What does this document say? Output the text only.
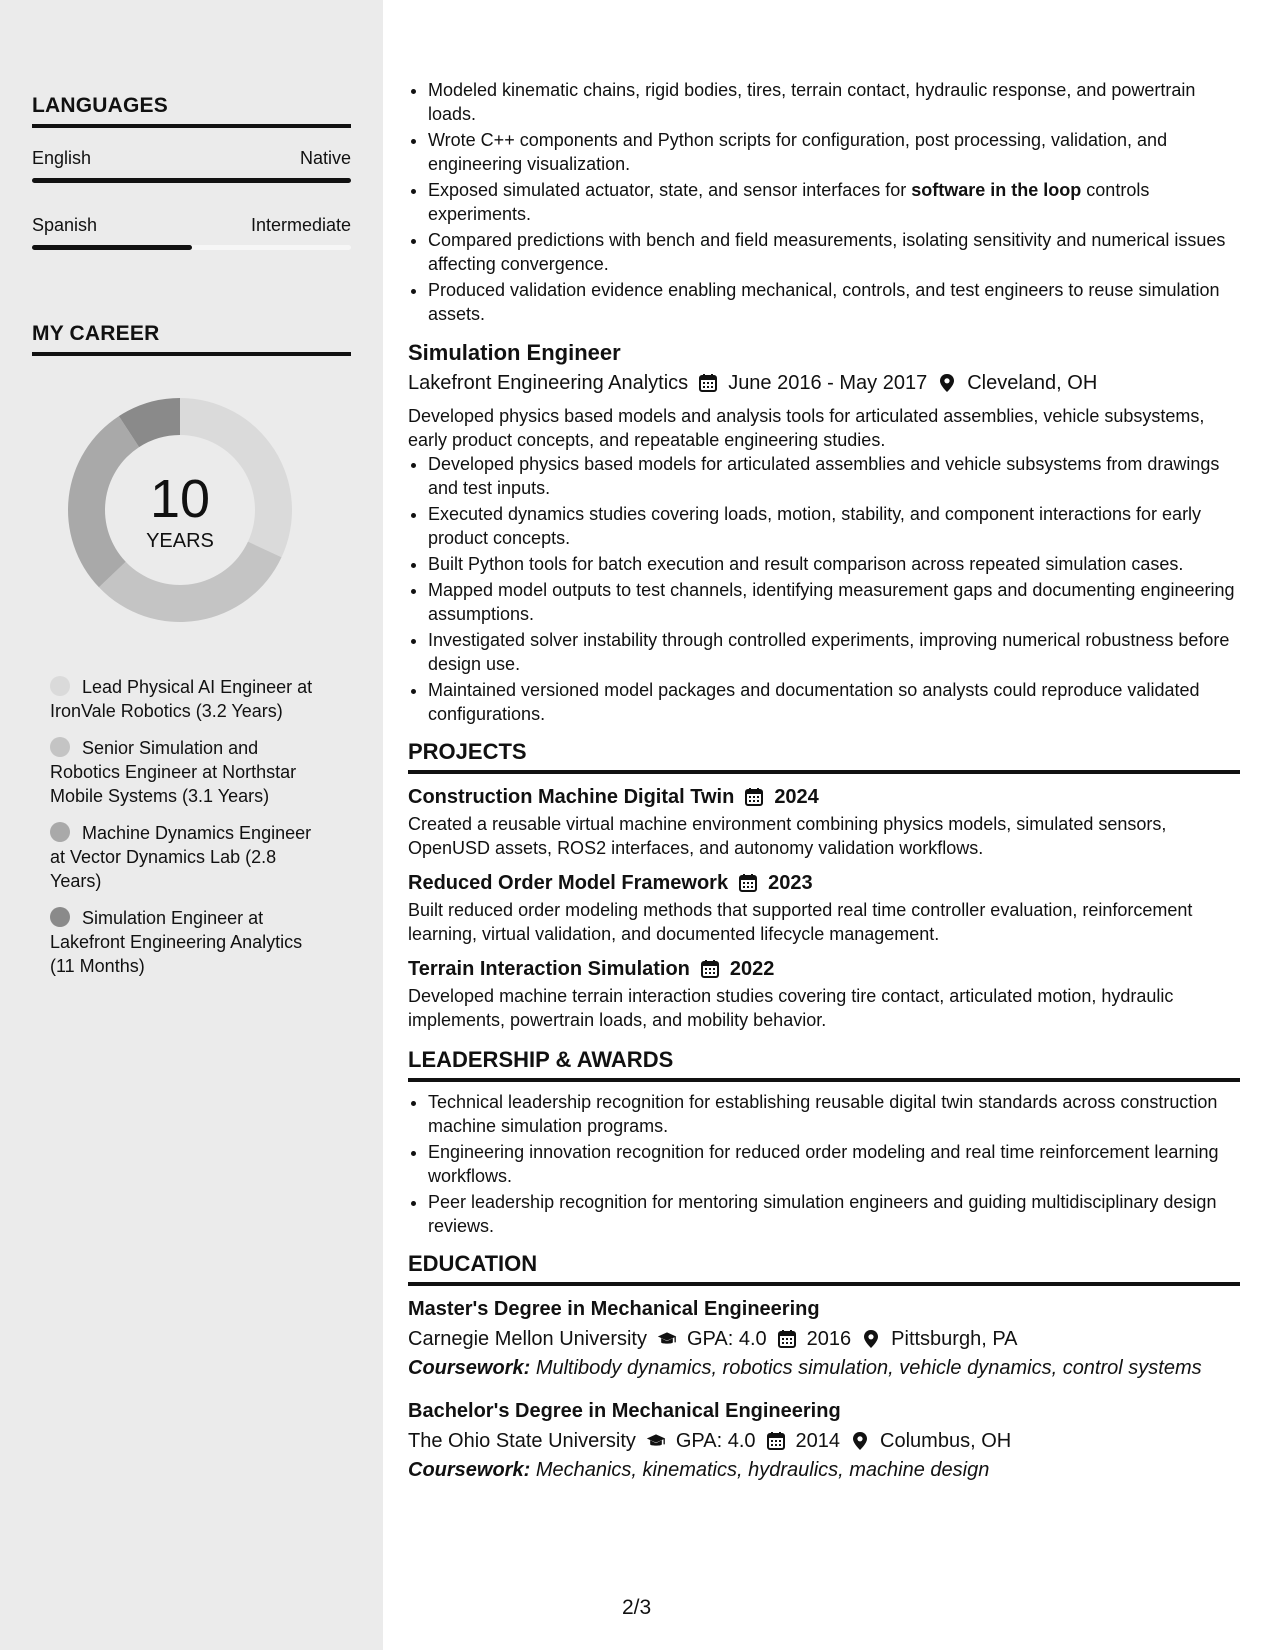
LANGUAGES
English	Native
Spanish	Intermediate
MY CAREER
10
YEARS
Lead Physical AI Engineer at IronVale Robotics (3.2 Years)
Senior Simulation and Robotics Engineer at Northstar Mobile Systems (3.1 Years)
Machine Dynamics Engineer at Vector Dynamics Lab (2.8 Years)
Simulation Engineer at Lakefront Engineering Analytics (11 Months)
• Modeled kinematic chains, rigid bodies, tires, terrain contact, hydraulic response, and powertrain loads.
• Wrote C++ components and Python scripts for configuration, post processing, validation, and engineering visualization.
• Exposed simulated actuator, state, and sensor interfaces for software in the loop controls experiments.
• Compared predictions with bench and field measurements, isolating sensitivity and numerical issues affecting convergence.
• Produced validation evidence enabling mechanical, controls, and test engineers to reuse simulation assets.
Simulation Engineer
Lakefront Engineering Analytics June 2016 - May 2017 Cleveland, OH
Developed physics based models and analysis tools for articulated assemblies, vehicle subsystems, early product concepts, and repeatable engineering studies.
• Developed physics based models for articulated assemblies and vehicle subsystems from drawings and test inputs.
• Executed dynamics studies covering loads, motion, stability, and component interactions for early product concepts.
• Built Python tools for batch execution and result comparison across repeated simulation cases.
• Mapped model outputs to test channels, identifying measurement gaps and documenting engineering assumptions.
• Investigated solver instability through controlled experiments, improving numerical robustness before design use.
• Maintained versioned model packages and documentation so analysts could reproduce validated configurations.
PROJECTS
Construction Machine Digital Twin 2024
Created a reusable virtual machine environment combining physics models, simulated sensors, OpenUSD assets, ROS2 interfaces, and autonomy validation workflows.
Reduced Order Model Framework 2023
Built reduced order modeling methods that supported real time controller evaluation, reinforcement learning, virtual validation, and documented lifecycle management.
Terrain Interaction Simulation 2022
Developed machine terrain interaction studies covering tire contact, articulated motion, hydraulic implements, powertrain loads, and mobility behavior.
LEADERSHIP & AWARDS
• Technical leadership recognition for establishing reusable digital twin standards across construction machine simulation programs.
• Engineering innovation recognition for reduced order modeling and real time reinforcement learning workflows.
• Peer leadership recognition for mentoring simulation engineers and guiding multidisciplinary design reviews.
EDUCATION
Master's Degree in Mechanical Engineering
Carnegie Mellon University GPA: 4.0 2016 Pittsburgh, PA
Coursework: Multibody dynamics, robotics simulation, vehicle dynamics, control systems
Bachelor's Degree in Mechanical Engineering
The Ohio State University GPA: 4.0 2014 Columbus, OH
Coursework: Mechanics, kinematics, hydraulics, machine design
2/3
